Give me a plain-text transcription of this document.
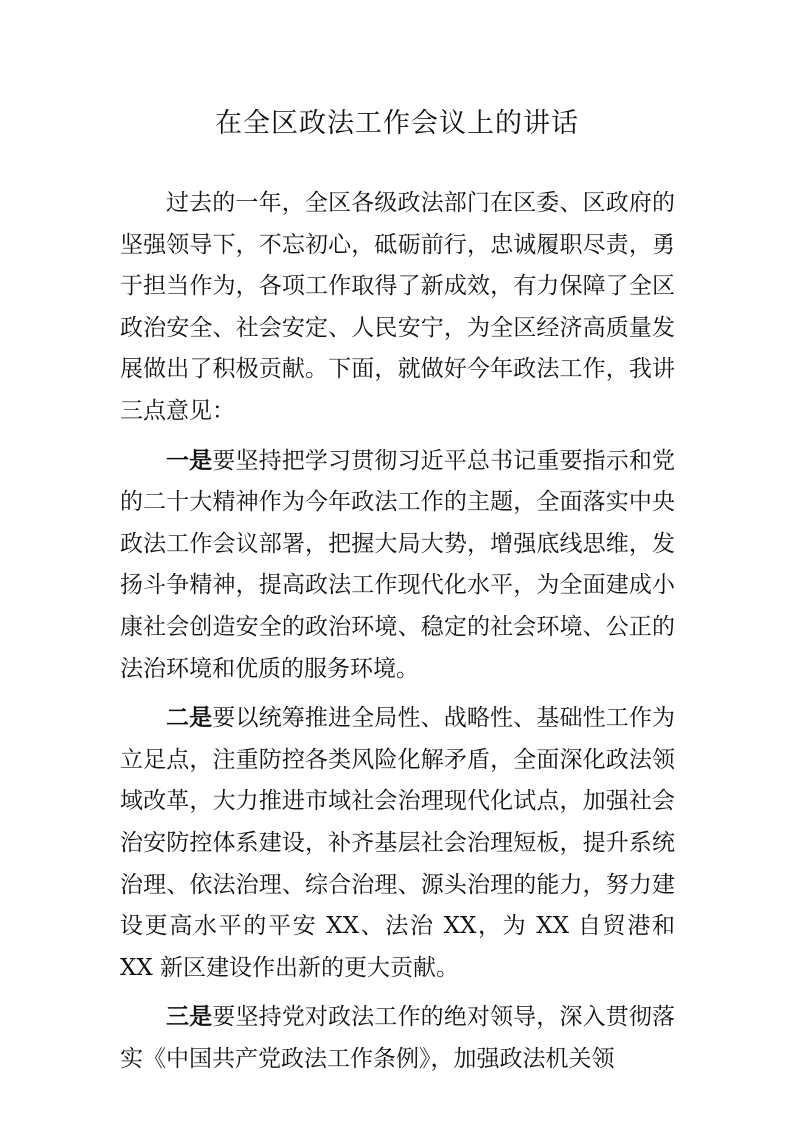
在全区政法工作会议上的讲话

过去的一年，全区各级政法部门在区委、区政府的坚强领导下，不忘初心，砥砺前行，忠诚履职尽责，勇于担当作为，各项工作取得了新成效，有力保障了全区政治安全、社会安定、人民安宁，为全区经济高质量发展做出了积极贡献。下面，就做好今年政法工作，我讲三点意见：

一是要坚持把学习贯彻习近平总书记重要指示和党的二十大精神作为今年政法工作的主题，全面落实中央政法工作会议部署，把握大局大势，增强底线思维，发扬斗争精神，提高政法工作现代化水平，为全面建成小康社会创造安全的政治环境、稳定的社会环境、公正的法治环境和优质的服务环境。

二是要以统筹推进全局性、战略性、基础性工作为立足点，注重防控各类风险化解矛盾，全面深化政法领域改革，大力推进市域社会治理现代化试点，加强社会治安防控体系建设，补齐基层社会治理短板，提升系统治理、依法治理、综合治理、源头治理的能力，努力建设更高水平的平安 XX、法治 XX，为 XX 自贸港和 XX 新区建设作出新的更大贡献。

三是要坚持党对政法工作的绝对领导，深入贯彻落实《中国共产党政法工作条例》，加强政法机关领
